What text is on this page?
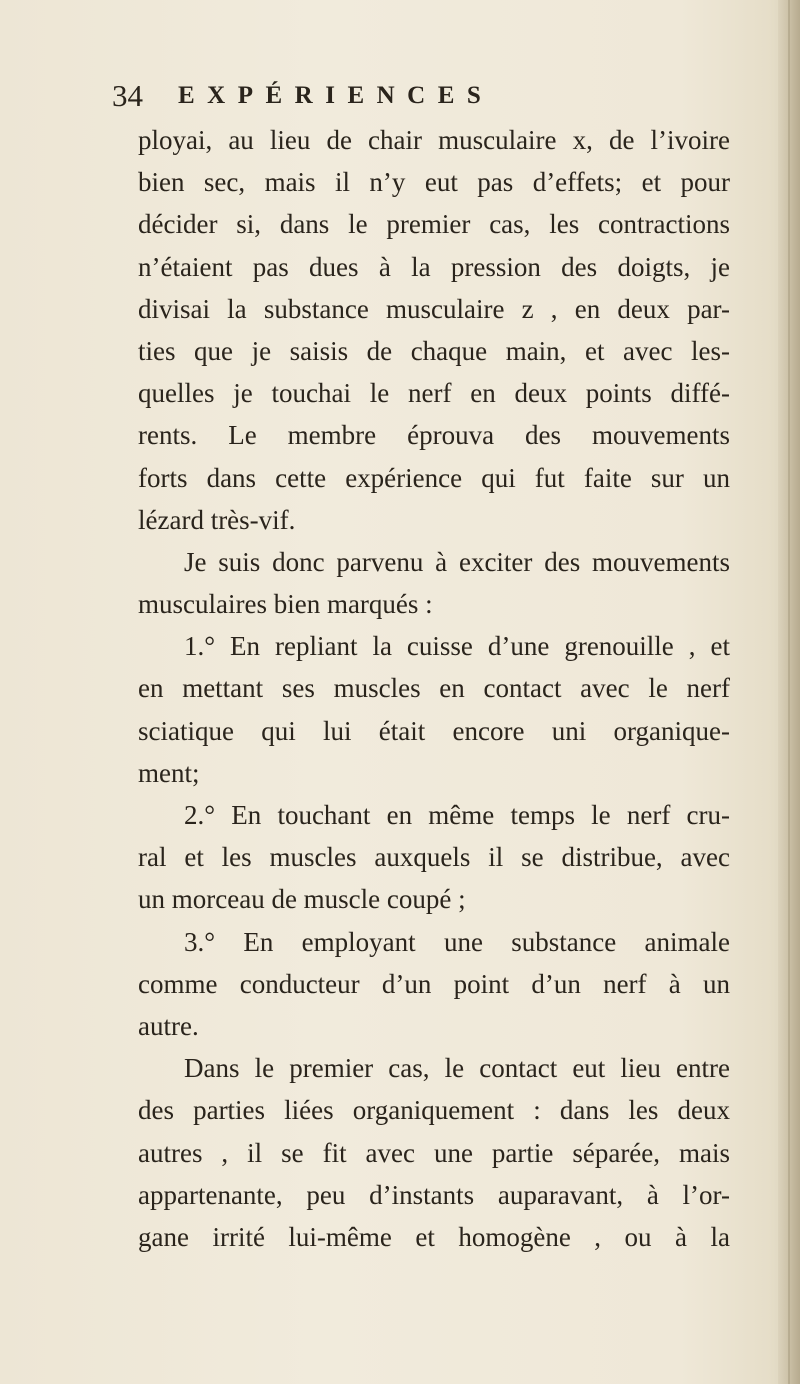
34 EXPÉRIENCES
ployai, au lieu de chair musculaire x, de l’ivoire
bien sec, mais il n’y eut pas d’effets; et pour
décider si, dans le premier cas, les contractions
n’étaient pas dues à la pression des doigts, je
divisai la substance musculaire z , en deux par-
ties que je saisis de chaque main, et avec les-
quelles je touchai le nerf en deux points diffé-
rents. Le membre éprouva des mouvements
forts dans cette expérience qui fut faite sur un
lézard très-vif.
Je suis donc parvenu à exciter des mouvements
musculaires bien marqués :
1.° En repliant la cuisse d’une grenouille , et
en mettant ses muscles en contact avec le nerf
sciatique qui lui était encore uni organique-
ment;
2.° En touchant en même temps le nerf cru-
ral et les muscles auxquels il se distribue, avec
un morceau de muscle coupé ;
3.° En employant une substance animale
comme conducteur d’un point d’un nerf à un
autre.
Dans le premier cas, le contact eut lieu entre
des parties liées organiquement : dans les deux
autres , il se fit avec une partie séparée, mais
appartenante, peu d’instants auparavant, à l’or-
gane irrité lui-même et homogène , ou à la
